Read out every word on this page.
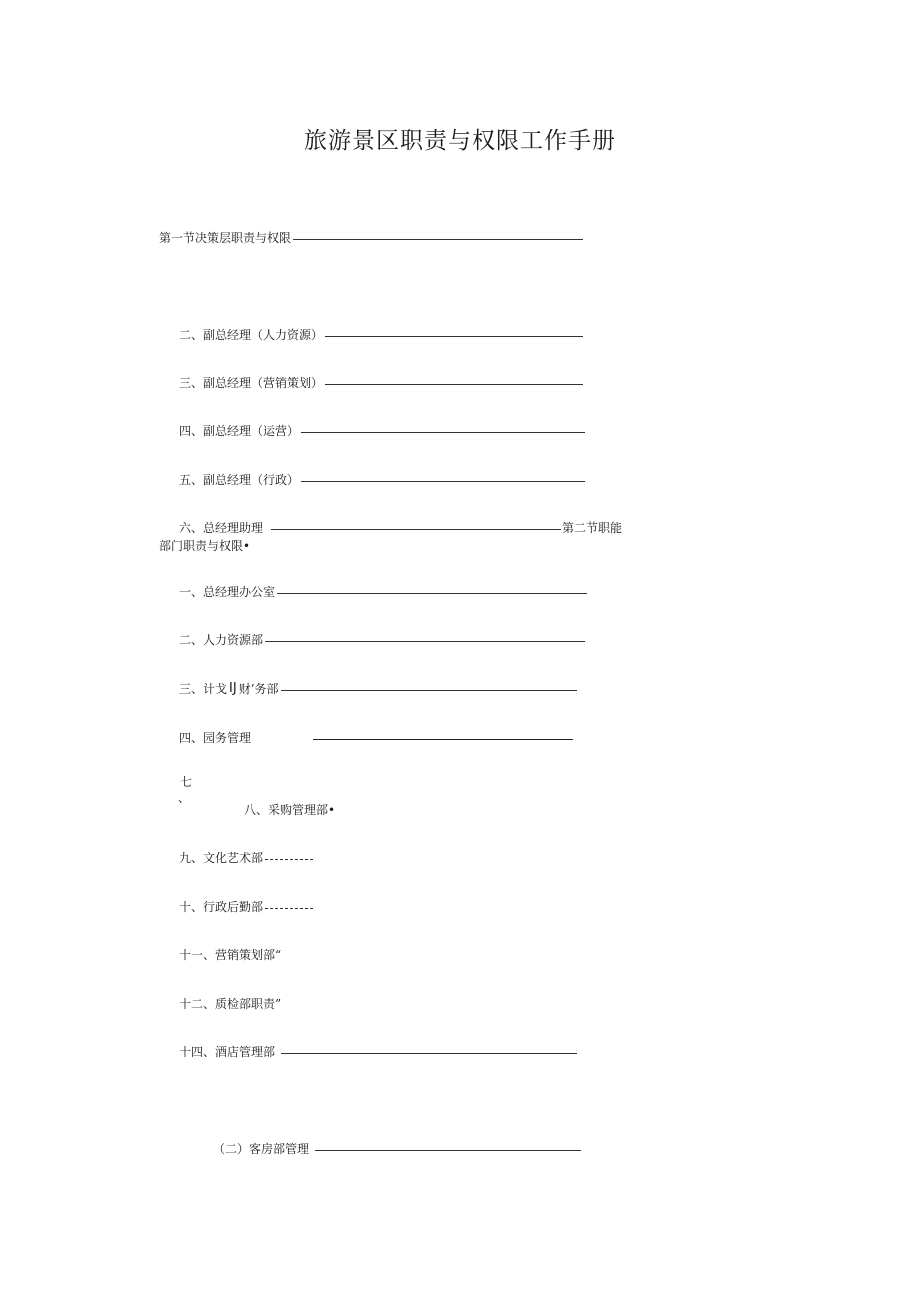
旅游景区职责与权限工作手册
第一节决策层职责与权限
二、副总经理（人力资源）
三、副总经理（营销策划）
四、副总经理（运营）
五、副总经理（行政）
六、总经理助理	第二节职能
部门职责与权限•
一、总经理办公室
二、人力资源部
三、计戈 IJ 财’务部
四、园务管理
七
、
八、采购管理部•
九、文化艺术部
十、行政后勤部
十一、营销策划部“
十二、质检部职责”
十四、酒店管理部
（二）客房部管理
